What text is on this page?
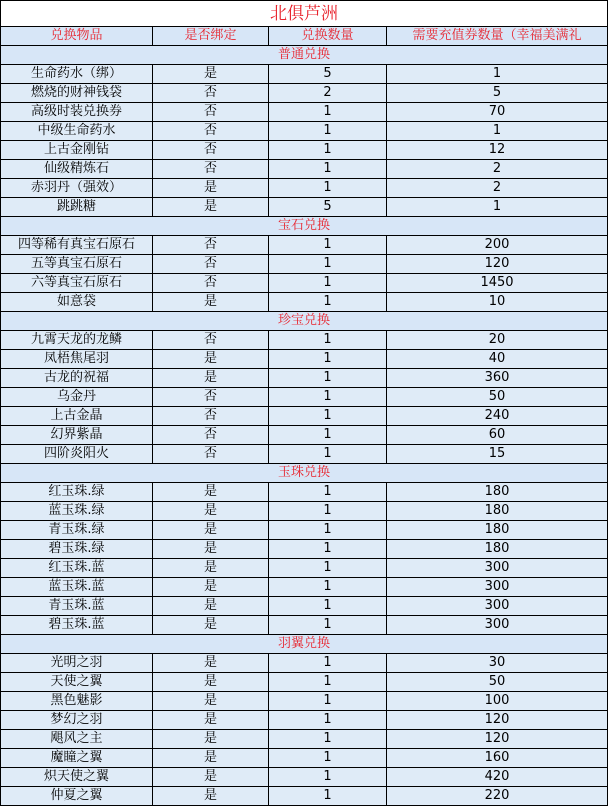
北俱芦洲
兑换物品	是否绑定	兑换数量	需要充值券数量（幸福美满礼
普通兑换
生命药水（绑）	是	5	1
燃烧的财神钱袋	否	2	5
高级时装兑换券	否	1	70
中级生命药水	否	1	1
上古金刚钻	否	1	12
仙级精炼石	否	1	2
赤羽丹（强效）	是	1	2
跳跳糖	是	5	1
宝石兑换
四等稀有真宝石原石	否	1	200
五等真宝石原石	否	1	120
六等真宝石原石	否	1	1450
如意袋	是	1	10
珍宝兑换
九霄天龙的龙鳞	否	1	20
凤梧焦尾羽	是	1	40
古龙的祝福	是	1	360
乌金丹	否	1	50
上古金晶	否	1	240
幻界紫晶	否	1	60
四阶炎阳火	否	1	15
玉珠兑换
红玉珠.绿	是	1	180
蓝玉珠.绿	是	1	180
青玉珠.绿	是	1	180
碧玉珠.绿	是	1	180
红玉珠.蓝	是	1	300
蓝玉珠.蓝	是	1	300
青玉珠.蓝	是	1	300
碧玉珠.蓝	是	1	300
羽翼兑换
光明之羽	是	1	30
天使之翼	是	1	50
黑色魅影	是	1	100
梦幻之羽	是	1	120
飓风之主	是	1	120
魔瞳之翼	是	1	160
炽天使之翼	是	1	420
仲夏之翼	是	1	220
